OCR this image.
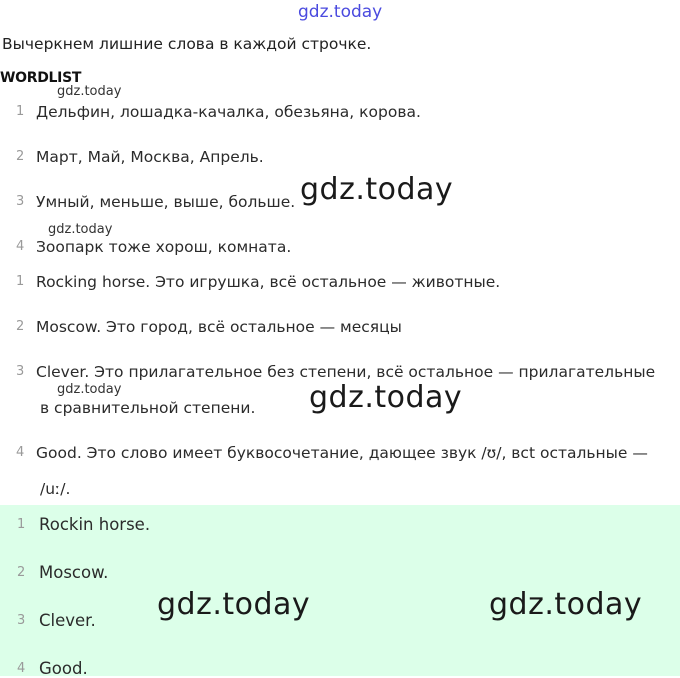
gdz.today
gdz.today
gdz.today
gdz.today
gdz.today	gdz.today
Вычеркнем лишние слова в каждой строчке.
WORDLIST
1 Дельфин, лошадка-качалка, обезьяна, корова.
2 Март, Май, Москва, Апрель.
3 Умный, меньше, выше, больше.
4 Зоопарк тоже хорош, комната.
1 Rocking horse. Это игрушка, всё остальное — животные.
2 Moscow. Это город, всё остальное — месяцы
3 Clever. Это прилагательное без степени, всё остальное — прилагательные
в сравнительной степени.
4 Good. Это слово имеет буквосочетание, дающее звук /ʊ/, всt остальные —
/uː/.
1 Rockin horse.
2 Moscow.
3 Clever.
4 Good.
gdz.today	gdz.today
